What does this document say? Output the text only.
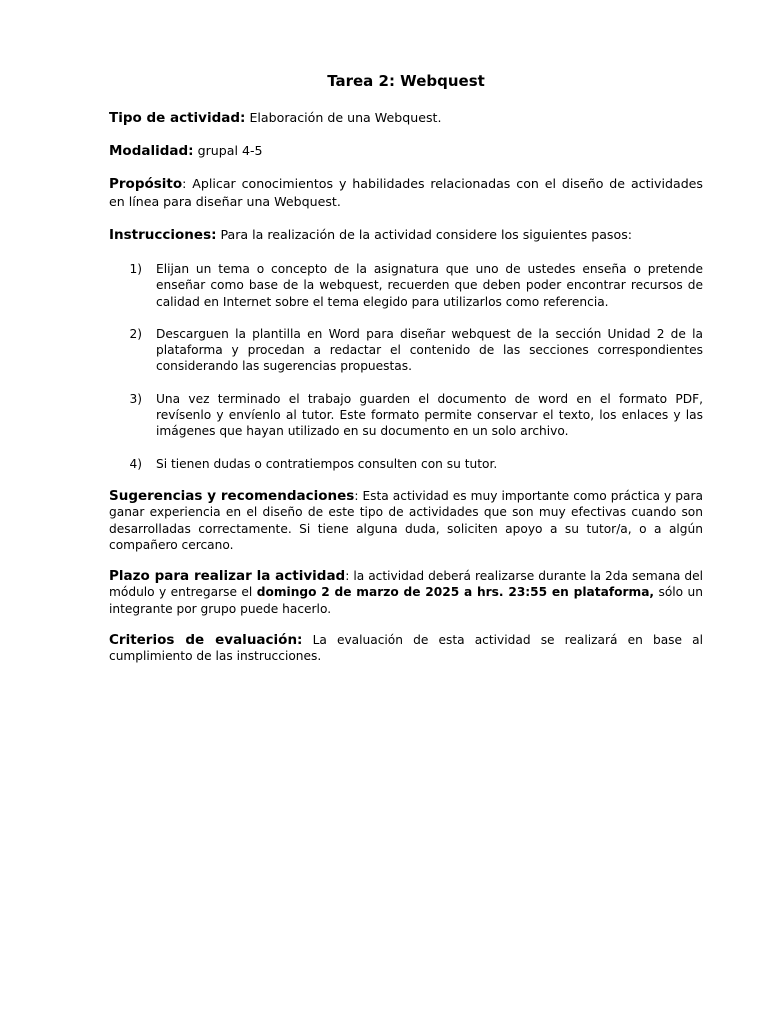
Tarea 2: Webquest
Tipo de actividad: Elaboración de una Webquest.
Modalidad: grupal 4-5
Propósito: Aplicar conocimientos y habilidades relacionadas con el diseño de actividades en línea para diseñar una Webquest.
Instrucciones: Para la realización de la actividad considere los siguientes pasos:
1)	Elijan un tema o concepto de la asignatura que uno de ustedes enseña o pretende enseñar como base de la webquest, recuerden que deben poder encontrar recursos de calidad en Internet sobre el tema elegido para utilizarlos como referencia.
2)	Descarguen la plantilla en Word para diseñar webquest de la sección Unidad 2 de la plataforma y procedan a redactar el contenido de las secciones correspondientes considerando las sugerencias propuestas.
3)	Una vez terminado el trabajo guarden el documento de word en el formato PDF, revísenlo y envíenlo al tutor. Este formato permite conservar el texto, los enlaces y las imágenes que hayan utilizado en su documento en un solo archivo.
4)	Si tienen dudas o contratiempos consulten con su tutor.
Sugerencias y recomendaciones: Esta actividad es muy importante como práctica y para ganar experiencia en el diseño de este tipo de actividades que son muy efectivas cuando son desarrolladas correctamente. Si tiene alguna duda, soliciten apoyo a su tutor/a, o a algún compañero cercano.
Plazo para realizar la actividad: la actividad deberá realizarse durante la 2da semana del módulo y entregarse el domingo 2 de marzo de 2025 a hrs. 23:55 en plataforma, sólo un integrante por grupo puede hacerlo.
Criterios de evaluación: La evaluación de esta actividad se realizará en base al cumplimiento de las instrucciones.
